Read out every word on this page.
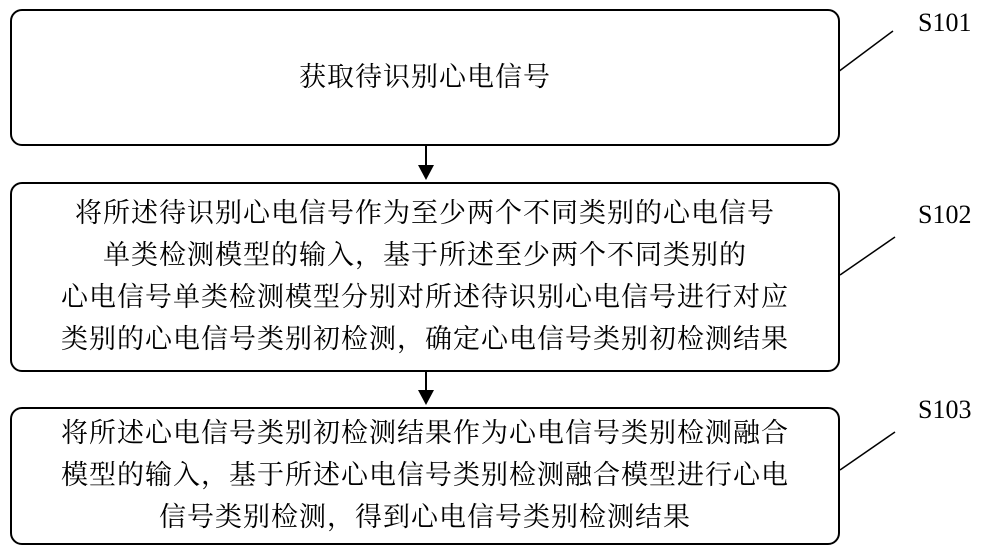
获取待识别心电信号
将所述待识别心电信号作为至少两个不同类别的心电信号
单类检测模型的输入，基于所述至少两个不同类别的
心电信号单类检测模型分别对所述待识别心电信号进行对应
类别的心电信号类别初检测，确定心电信号类别初检测结果
将所述心电信号类别初检测结果作为心电信号类别检测融合
模型的输入，基于所述心电信号类别检测融合模型进行心电
信号类别检测，得到心电信号类别检测结果
S101
S102
S103
